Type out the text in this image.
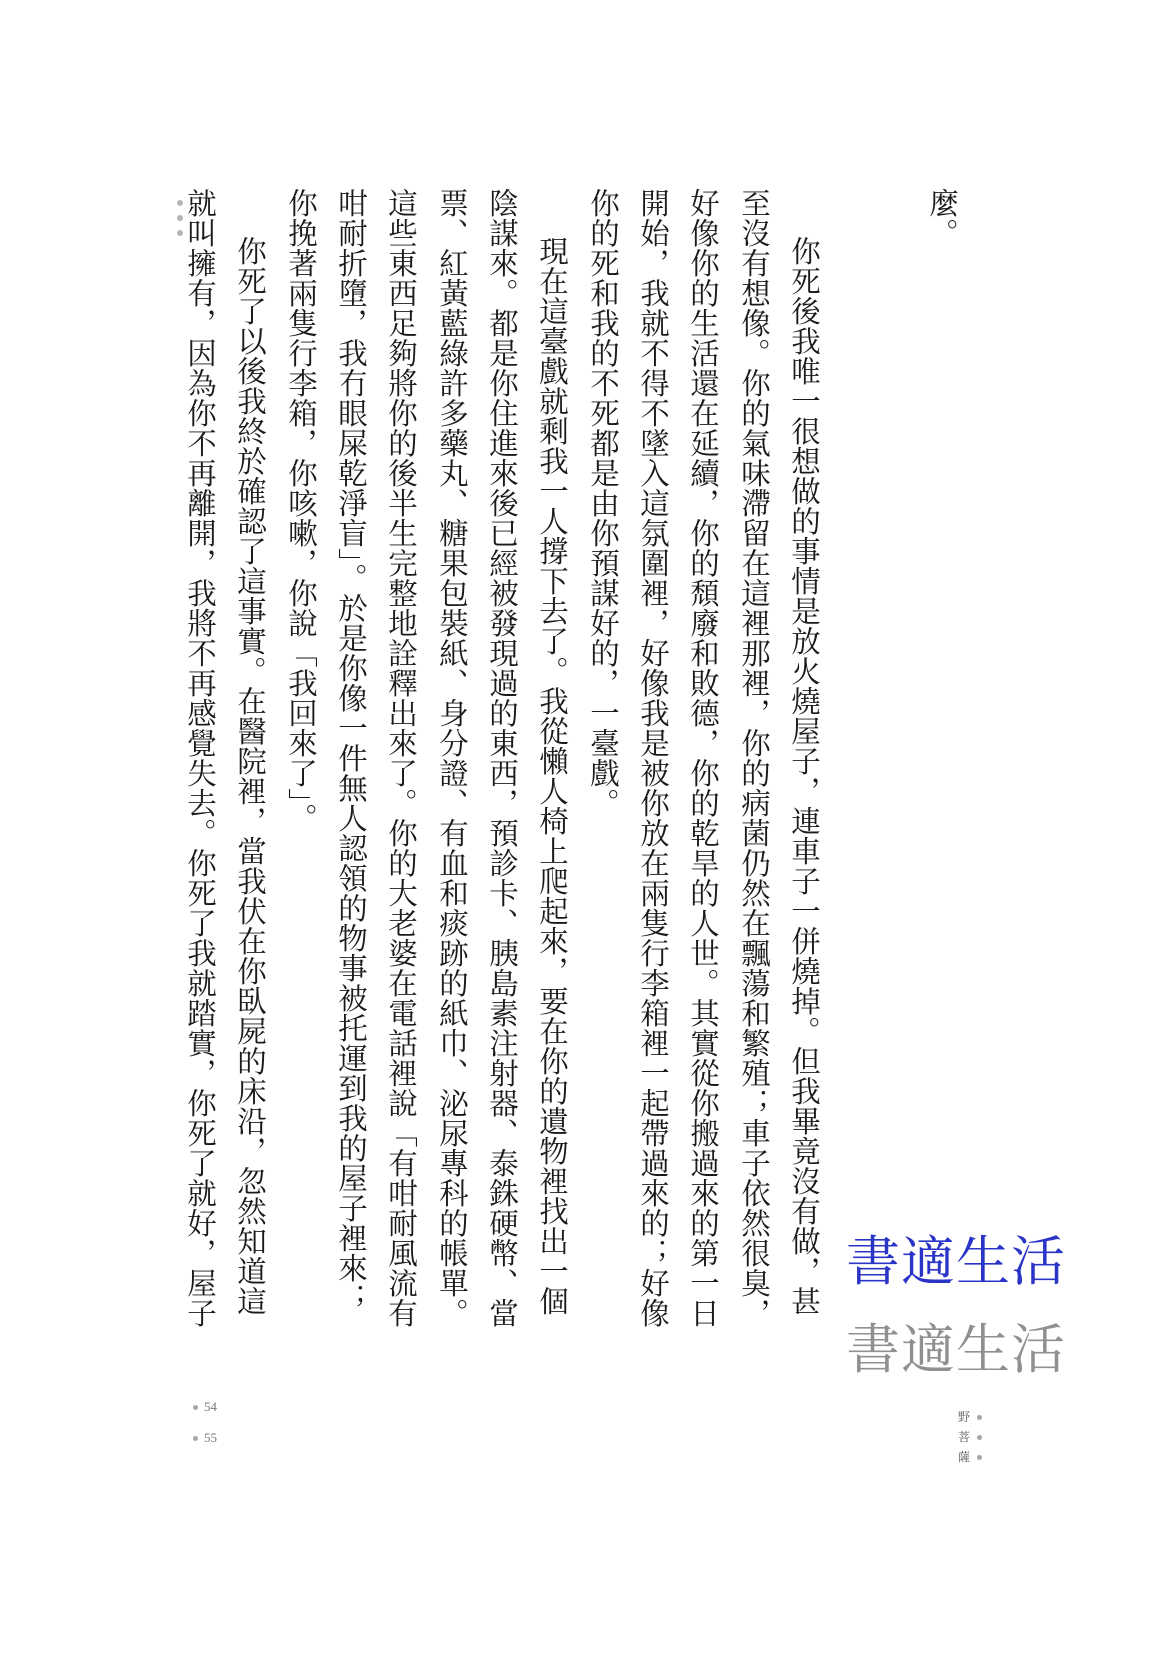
麼。
你死後我唯一很想做的事情是放火燒屋子，連車子一併燒掉。但我畢竟沒有做，甚
至沒有想像。你的氣味滯留在這裡那裡，你的病菌仍然在飄蕩和繁殖；車子依然很臭，
好像你的生活還在延續，你的頹廢和敗德，你的乾旱的人世。其實從你搬過來的第一日
開始，我就不得不墜入這氛圍裡，好像我是被你放在兩隻行李箱裡一起帶過來的；好像
你的死和我的不死都是由你預謀好的，一臺戲。
現在這臺戲就剩我一人撐下去了。我從懶人椅上爬起來，要在你的遺物裡找出一個
陰謀來。都是你住進來後已經被發現過的東西，預診卡、胰島素注射器、泰銖硬幣、當
票、紅黃藍綠許多藥丸、糖果包裝紙、身分證、有血和痰跡的紙巾、泌尿專科的帳單。
這些東西足夠將你的後半生完整地詮釋出來了。你的大老婆在電話裡說「有咁耐風流有
咁耐折墮，我冇眼屎乾淨盲」。於是你像一件無人認領的物事被托運到我的屋子裡來；
你挽著兩隻行李箱，你咳嗽，你說「我回來了」。
你死了以後我終於確認了這事實。在醫院裡，當我伏在你臥屍的床沿，忽然知道這
就叫擁有，因為你不再離開，我將不再感覺失去。你死了我就踏實，你死了就好，屋子	書適生活
書適生活
54
55
野
菩
薩
